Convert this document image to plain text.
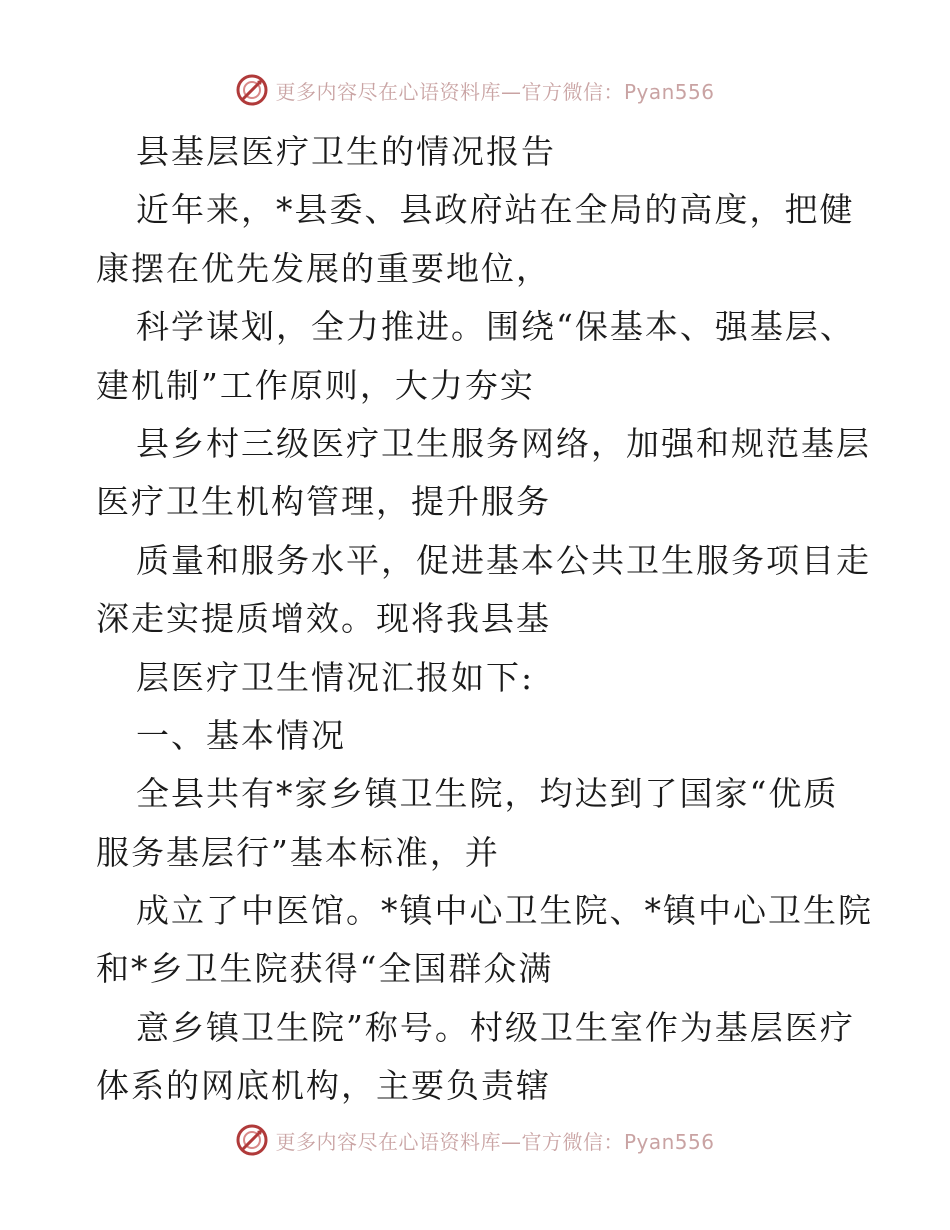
更多内容尽在心语资料库—官方微信：Pyan556
县基层医疗卫生的情况报告
近年来，*县委、县政府站在全局的高度，把健
康摆在优先发展的重要地位，
科学谋划，全力推进。围绕“保基本、强基层、
建机制”工作原则，大力夯实
县乡村三级医疗卫生服务网络，加强和规范基层
医疗卫生机构管理，提升服务
质量和服务水平，促进基本公共卫生服务项目走
深走实提质增效。现将我县基
层医疗卫生情况汇报如下:
一、基本情况
全县共有*家乡镇卫生院，均达到了国家“优质
服务基层行”基本标准，并
成立了中医馆。*镇中心卫生院、*镇中心卫生院
和*乡卫生院获得“全国群众满
意乡镇卫生院”称号。村级卫生室作为基层医疗
体系的网底机构，主要负责辖
更多内容尽在心语资料库—官方微信：Pyan556
